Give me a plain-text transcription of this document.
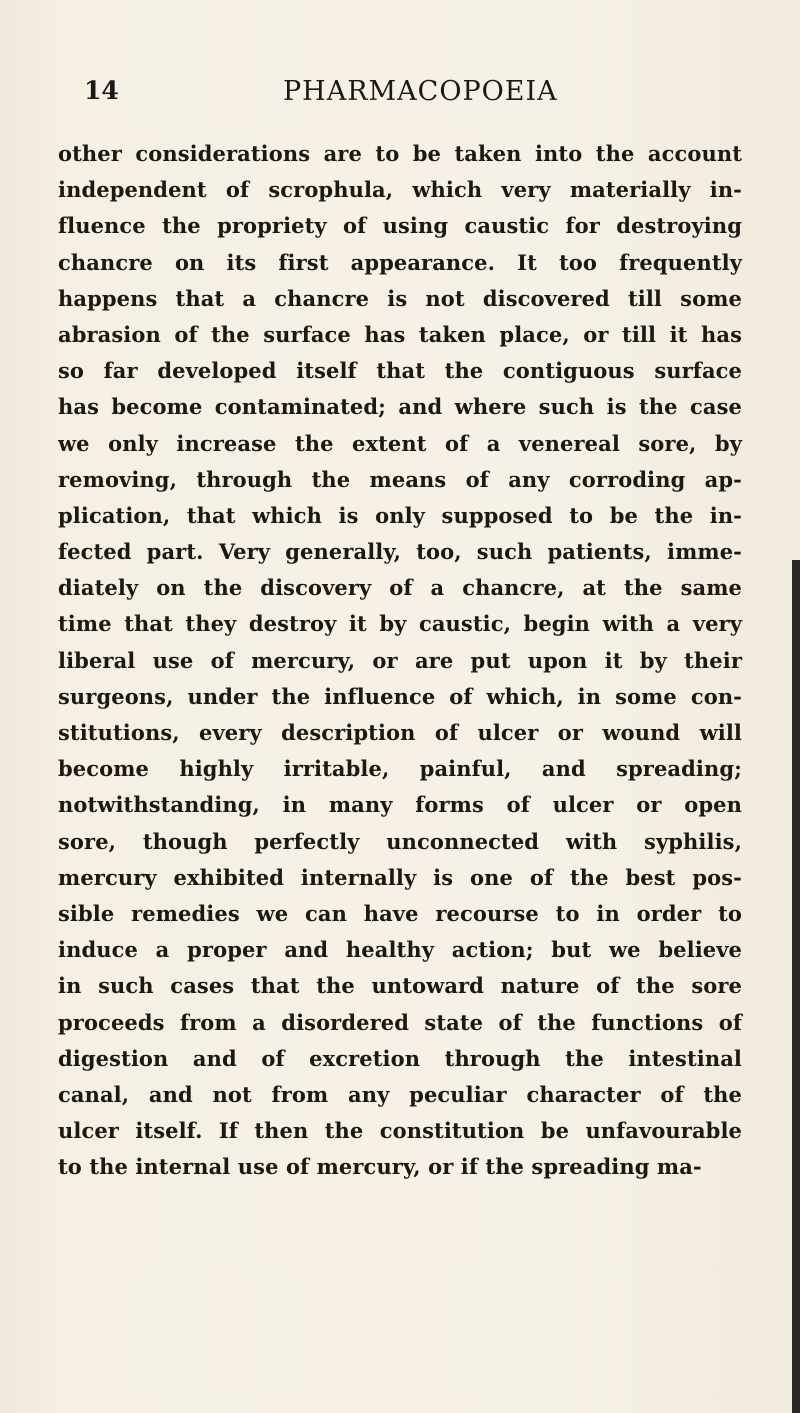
14	PHARMACOPOEIA
other considerations are to be taken into the account
independent of scrophula, which very materially in-
fluence the propriety of using caustic for destroying
chancre on its first appearance. It too frequently
happens that a chancre is not discovered till some
abrasion of the surface has taken place, or till it has
so far developed itself that the contiguous surface
has become contaminated; and where such is the case
we only increase the extent of a venereal sore, by
removing, through the means of any corroding ap-
plication, that which is only supposed to be the in-
fected part. Very generally, too, such patients, imme-
diately on the discovery of a chancre, at the same
time that they destroy it by caustic, begin with a very
liberal use of mercury, or are put upon it by their
surgeons, under the influence of which, in some con-
stitutions, every description of ulcer or wound will
become highly irritable, painful, and spreading;
notwithstanding, in many forms of ulcer or open
sore, though perfectly unconnected with syphilis,
mercury exhibited internally is one of the best pos-
sible remedies we can have recourse to in order to
induce a proper and healthy action; but we believe
in such cases that the untoward nature of the sore
proceeds from a disordered state of the functions of
digestion and of excretion through the intestinal
canal, and not from any peculiar character of the
ulcer itself. If then the constitution be unfavourable
to the internal use of mercury, or if the spreading ma-
